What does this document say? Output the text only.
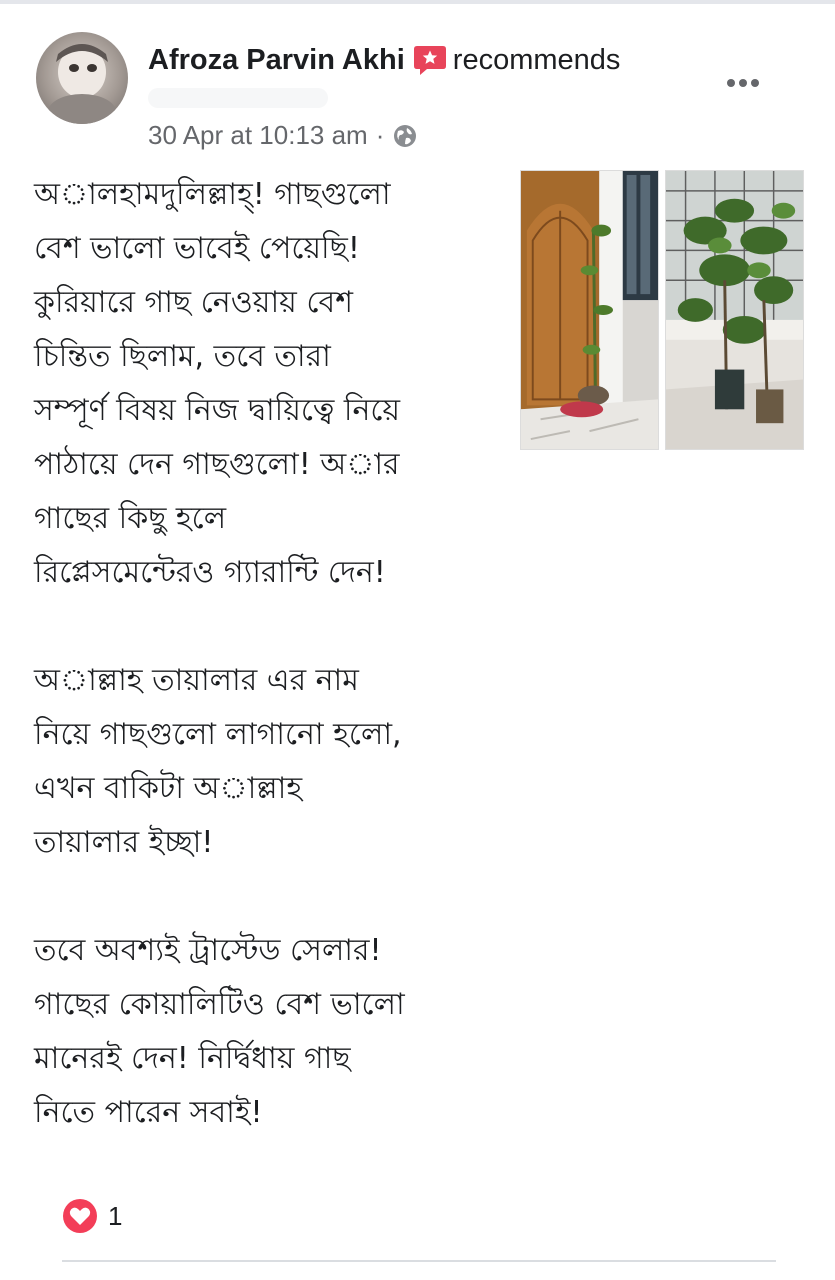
Afroza Parvin Akhi recommends
30 Apr at 10:13 am ·

অালহামদুলিল্লাহ্! গাছগুলো
বেশ ভালো ভাবেই পেয়েছি!
কুরিয়ারে গাছ নেওয়ায় বেশ
চিন্তিত ছিলাম, তবে তারা
সম্পূর্ণ বিষয় নিজ দ্বায়িত্বে নিয়ে
পাঠায়ে দেন গাছগুলো! অার
গাছের কিছু হলে
রিপ্লেসমেন্টেরও গ্যারান্টি দেন!

অাল্লাহ তায়ালার এর নাম
নিয়ে গাছগুলো লাগানো হলো,
এখন বাকিটা অাল্লাহ
তায়ালার ইচ্ছা!

তবে অবশ্যই ট্রাস্টেড সেলার!
গাছের কোয়ালিটিও বেশ ভালো
মানেরই দেন! নির্দ্বিধায় গাছ
নিতে পারেন সবাই!

1
